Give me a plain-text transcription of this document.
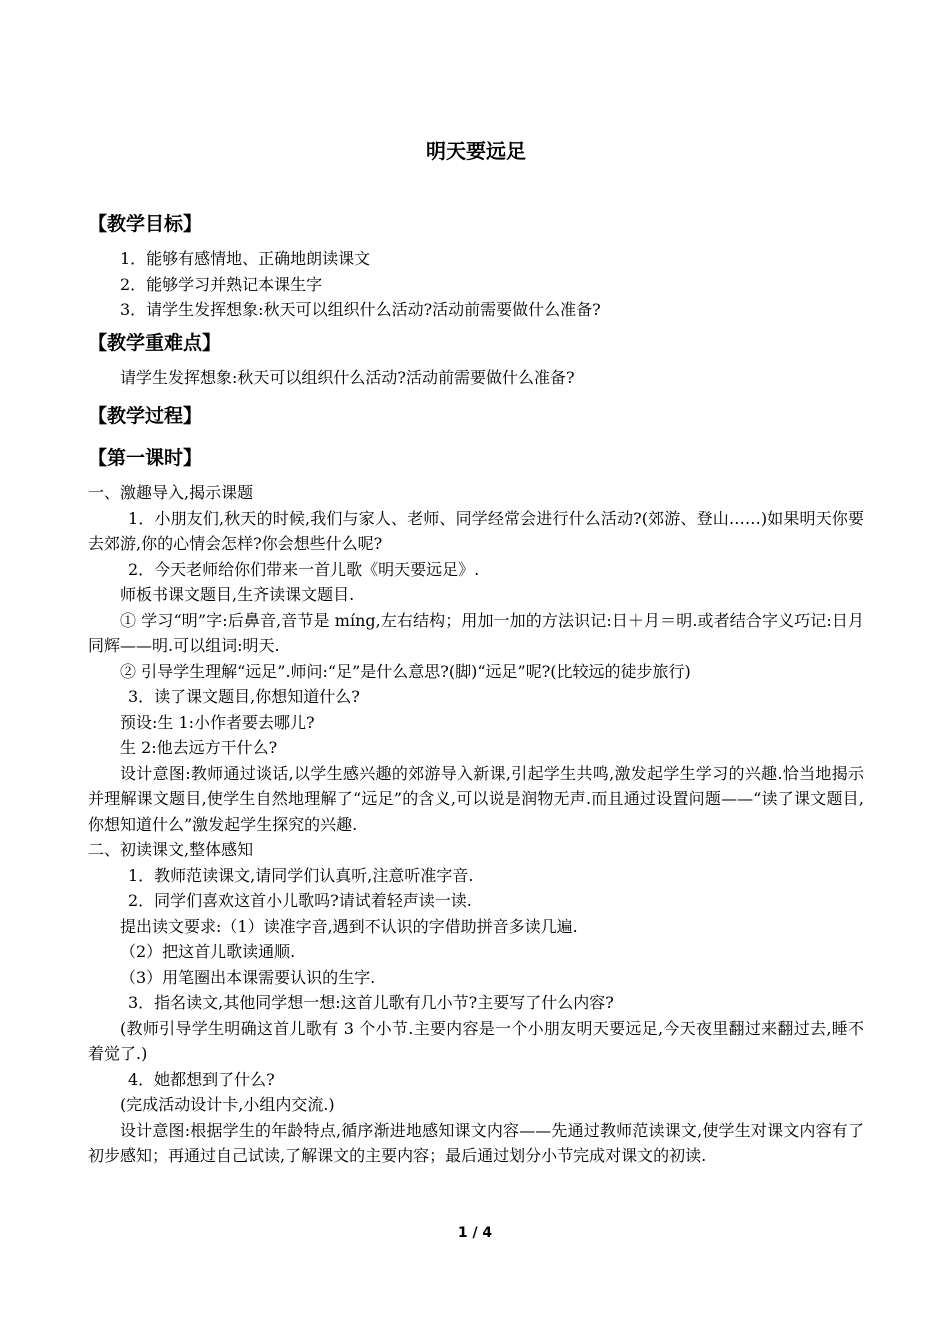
明天要远足
【教学目标】

1．能够有感情地、正确地朗读课文

2．能够学习并熟记本课生字

3．请学生发挥想象:秋天可以组织什么活动?活动前需要做什么准备?

【教学重难点】

请学生发挥想象:秋天可以组织什么活动?活动前需要做什么准备?

【教学过程】
【第一课时】

一、激趣导入,揭示课题

1．小朋友们,秋天的时候,我们与家人、老师、同学经常会进行什么活动?(郊游、登山……)如果明天你要去郊游,你的心情会怎样?你会想些什么呢?

2．今天老师给你们带来一首儿歌《明天要远足》.

师板书课文题目,生齐读课文题目.

① 学习“明”字:后鼻音,音节是 míng,左右结构；用加一加的方法识记:日＋月＝明.或者结合字义巧记:日月同辉——明.可以组词:明天.

② 引导学生理解“远足”.师问:“足”是什么意思?(脚)“远足”呢?(比较远的徒步旅行)

3．读了课文题目,你想知道什么?

预设:生 1:小作者要去哪儿?

生 2:他去远方干什么?

设计意图:教师通过谈话,以学生感兴趣的郊游导入新课,引起学生共鸣,激发起学生学习的兴趣.恰当地揭示并理解课文题目,使学生自然地理解了“远足”的含义,可以说是润物无声.而且通过设置问题——“读了课文题目,你想知道什么”激发起学生探究的兴趣.

二、初读课文,整体感知

1．教师范读课文,请同学们认真听,注意听准字音.

2．同学们喜欢这首小儿歌吗?请试着轻声读一读.

提出读文要求:（1）读准字音,遇到不认识的字借助拼音多读几遍.

（2）把这首儿歌读通顺.

（3）用笔圈出本课需要认识的生字.

3．指名读文,其他同学想一想:这首儿歌有几小节?主要写了什么内容?

(教师引导学生明确这首儿歌有 3 个小节.主要内容是一个小朋友明天要远足,今天夜里翻过来翻过去,睡不着觉了.)

4．她都想到了什么?

(完成活动设计卡,小组内交流.)

设计意图:根据学生的年龄特点,循序渐进地感知课文内容——先通过教师范读课文,使学生对课文内容有了初步感知；再通过自己试读,了解课文的主要内容；最后通过划分小节完成对课文的初读.

1 / 4
